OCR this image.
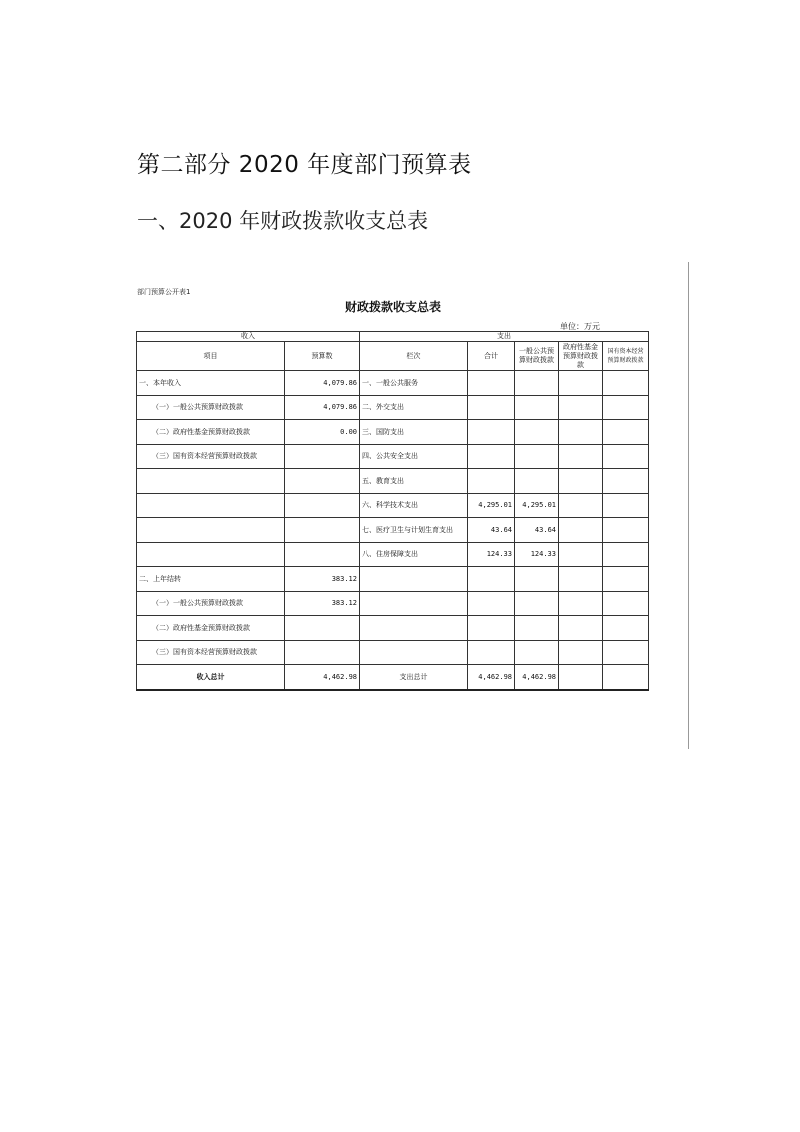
第二部分 2020 年度部门预算表
一、2020 年财政拨款收支总表
部门预算公开表1
财政拨款收支总表
单位：万元
收入		支出				
项目	预算数	栏次	合计	一般公共预算财政拨款	政府性基金预算财政拨款	国有资本经营预算财政拨款
一、本年收入	4,079.86	一、一般公共服务				
（一）一般公共预算财政拨款	4,079.86	二、外交支出				
（二）政府性基金预算财政拨款	0.00	三、国防支出				
（三）国有资本经营预算财政拨款		四、公共安全支出				
		五、教育支出				
		六、科学技术支出	4,295.01	4,295.01		
		七、医疗卫生与计划生育支出	43.64	43.64		
		八、住房保障支出	124.33	124.33		
二、上年结转	383.12					
（一）一般公共预算财政拨款	383.12					
（二）政府性基金预算财政拨款						
（三）国有资本经营预算财政拨款						
收入总计	4,462.98	支出总计	4,462.98	4,462.98		
